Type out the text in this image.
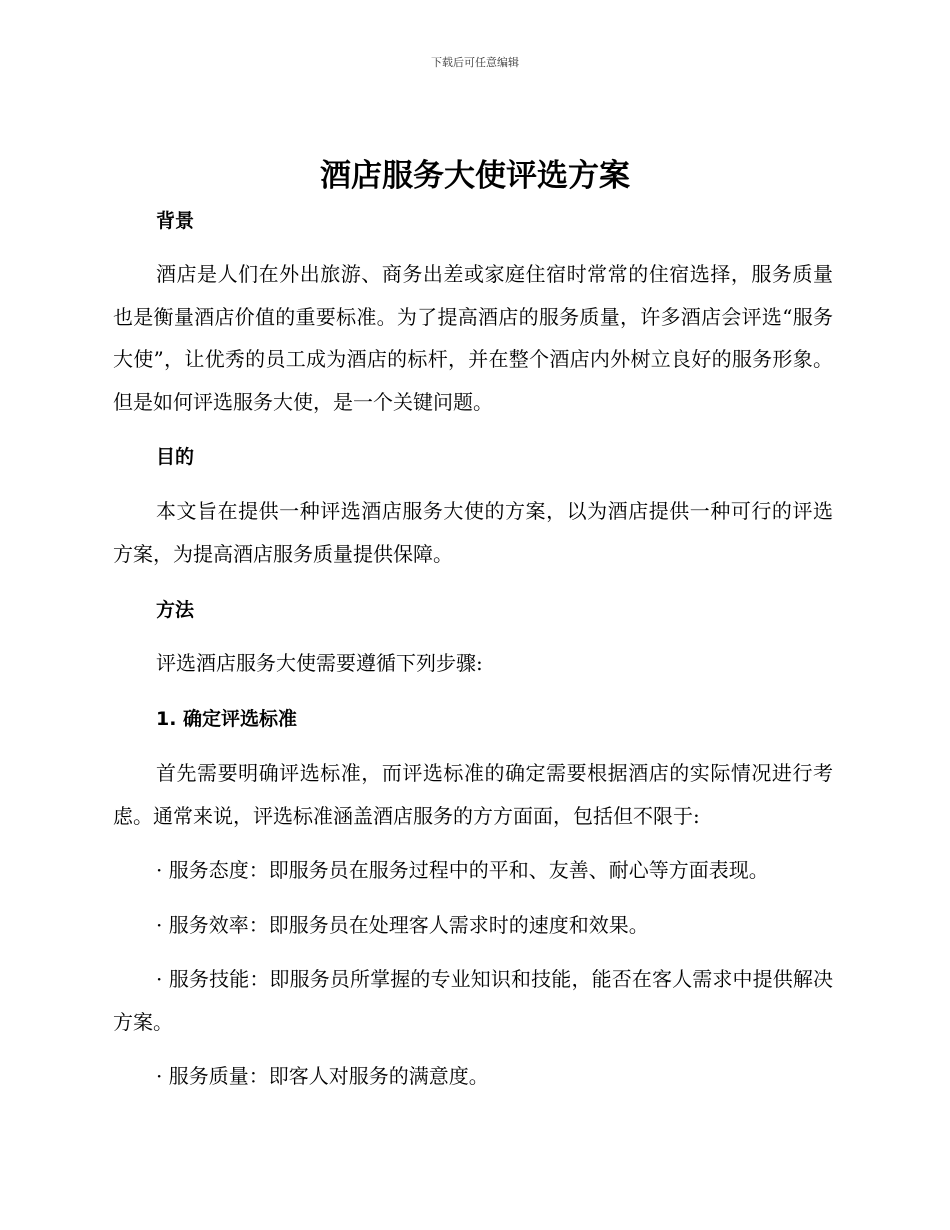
下载后可任意编辑
酒店服务大使评选方案
背景

酒店是人们在外出旅游、商务出差或家庭住宿时常常的住宿选择，服务质量也是衡量酒店价值的重要标准。为了提高酒店的服务质量，许多酒店会评选“服务大使”，让优秀的员工成为酒店的标杆，并在整个酒店内外树立良好的服务形象。但是如何评选服务大使，是一个关键问题。

目的

本文旨在提供一种评选酒店服务大使的方案，以为酒店提供一种可行的评选方案，为提高酒店服务质量提供保障。

方法

评选酒店服务大使需要遵循下列步骤:

1. 确定评选标准

首先需要明确评选标准，而评选标准的确定需要根据酒店的实际情况进行考虑。通常来说，评选标准涵盖酒店服务的方方面面，包括但不限于:

· 服务态度：即服务员在服务过程中的平和、友善、耐心等方面表现。

· 服务效率：即服务员在处理客人需求时的速度和效果。

· 服务技能：即服务员所掌握的专业知识和技能，能否在客人需求中提供解决方案。

· 服务质量：即客人对服务的满意度。
